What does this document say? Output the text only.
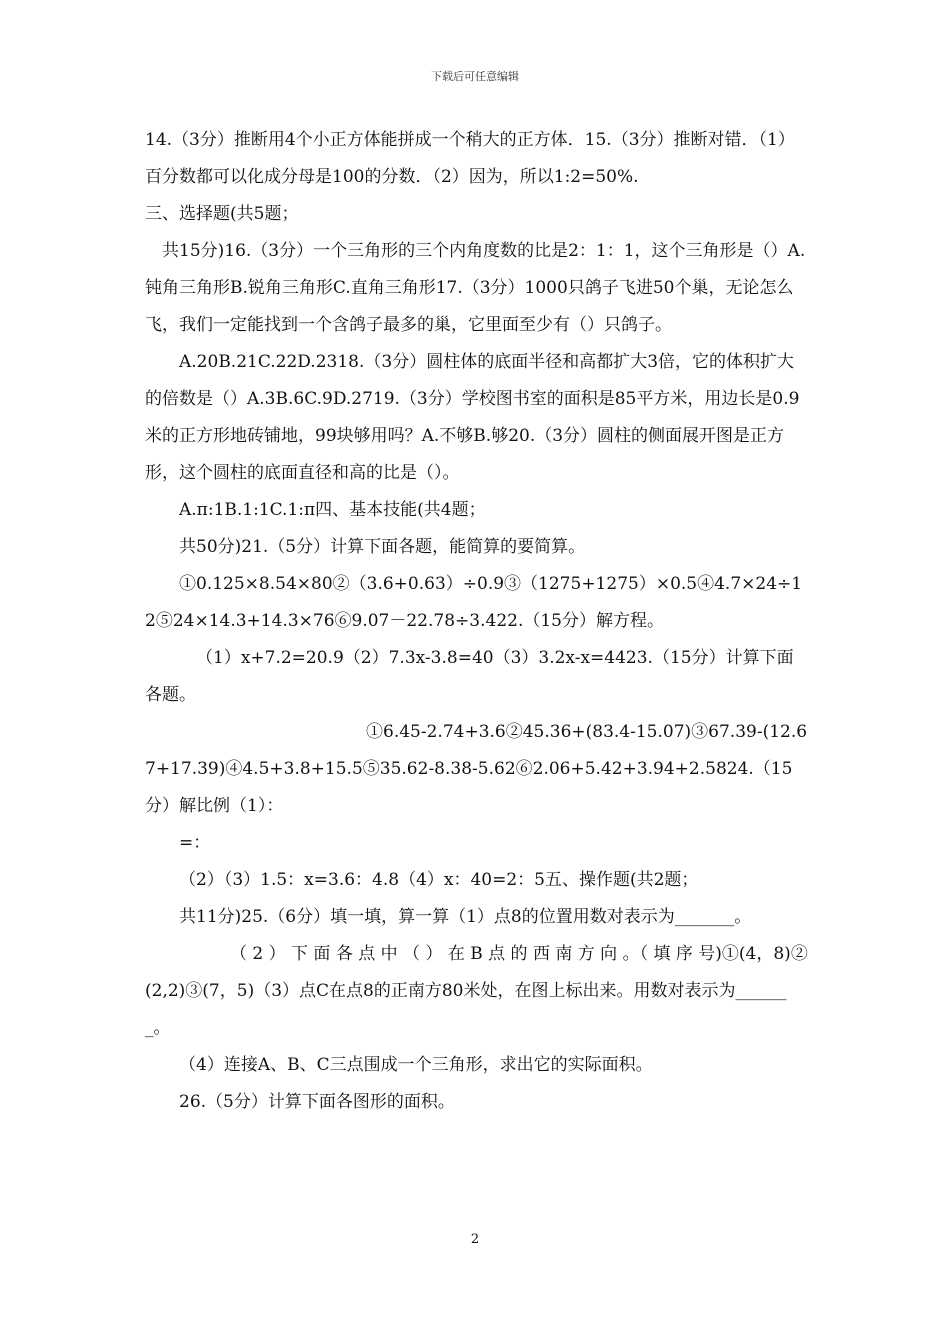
下载后可任意编辑

14.（3分）推断用4个小正方体能拼成一个稍大的正方体．15.（3分）推断对错．（1）百分数都可以化成分母是100的分数．（2）因为，所以1:2=50%.

三、选择题(共5题；

共15分)16.（3分）一个三角形的三个内角度数的比是2：1：1，这个三角形是（）A.钝角三角形B.锐角三角形C.直角三角形17.（3分）1000只鸽子飞进50个巢，无论怎么飞，我们一定能找到一个含鸽子最多的巢，它里面至少有（）只鸽子。

A.20B.21C.22D.2318.（3分）圆柱体的底面半径和高都扩大3倍，它的体积扩大的倍数是（）A.3B.6C.9D.2719.（3分）学校图书室的面积是85平方米，用边长是0.9米的正方形地砖铺地，99块够用吗？A.不够B.够20.（3分）圆柱的侧面展开图是正方形，这个圆柱的底面直径和高的比是（）。

A.π:1B.1:1C.1:π四、基本技能(共4题；

共50分)21.（5分）计算下面各题，能简算的要简算。

①0.125×8.54×80②（3.6+0.63）÷0.9③（1275+1275）×0.5④4.7×24÷12⑤24×14.3+14.3×76⑥9.07－22.78÷3.422.（15分）解方程。

（1）x+7.2=20.9（2）7.3x-3.8=40（3）3.2x-x=4423.（15分）计算下面各题。

①6.45-2.74+3.6②45.36+(83.4-15.07)③67.39-(12.67+17.39)④4.5+3.8+15.5⑤35.62-8.38-5.62⑥2.06+5.42+3.94+2.5824.（15分）解比例（1）：

=：

（2）（3）1.5：x=3.6：4.8（4）x：40=2：5五、操作题(共2题；

共11分)25.（6分）填一填，算一算（1）点8的位置用数对表示为_______。

（ 2 ） 下 面 各 点 中 （ ） 在 B 点 的 西 南 方 向 。（ 填 序 号)①(4，8)②(2,2)③(7，5)（3）点C在点8的正南方80米处，在图上标出来。用数对表示为_______。

（4）连接A、B、C三点围成一个三角形，求出它的实际面积。

26.（5分）计算下面各图形的面积。

2
